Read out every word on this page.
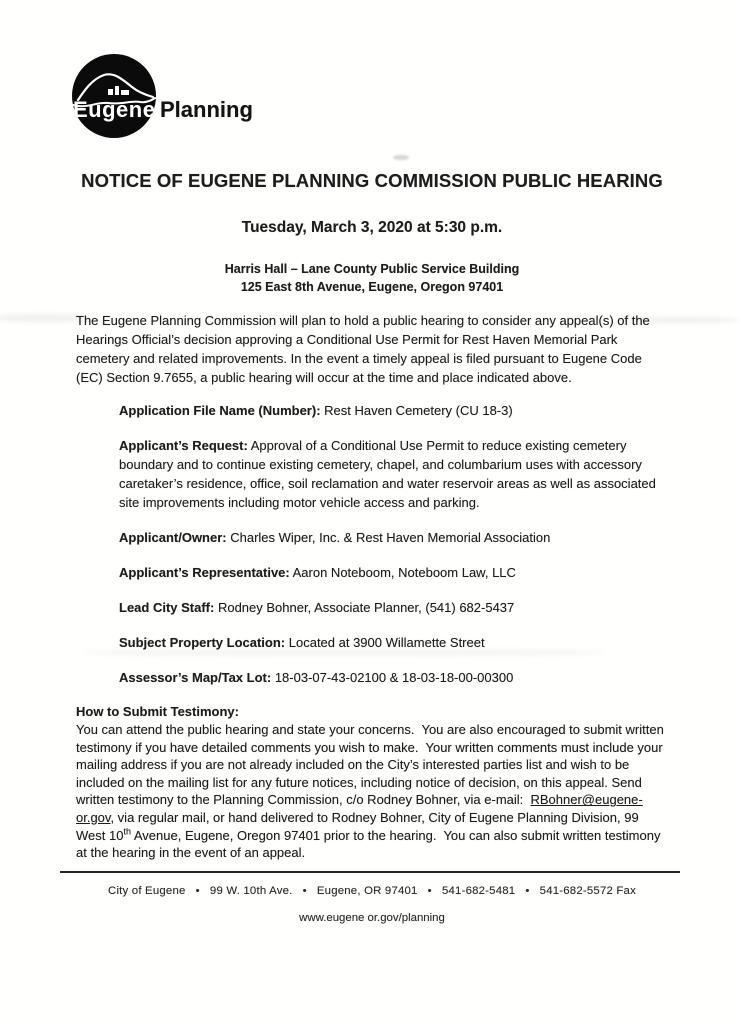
Eugene Planning
NOTICE OF EUGENE PLANNING COMMISSION PUBLIC HEARING

Tuesday, March 3, 2020 at 5:30 p.m.

Harris Hall – Lane County Public Service Building
125 East 8th Avenue, Eugene, Oregon 97401

The Eugene Planning Commission will plan to hold a public hearing to consider any appeal(s) of the Hearings Official’s decision approving a Conditional Use Permit for Rest Haven Memorial Park cemetery and related improvements. In the event a timely appeal is filed pursuant to Eugene Code (EC) Section 9.7655, a public hearing will occur at the time and place indicated above.

Application File Name (Number): Rest Haven Cemetery (CU 18-3)

Applicant’s Request: Approval of a Conditional Use Permit to reduce existing cemetery boundary and to continue existing cemetery, chapel, and columbarium uses with accessory caretaker’s residence, office, soil reclamation and water reservoir areas as well as associated site improvements including motor vehicle access and parking.

Applicant/Owner: Charles Wiper, Inc. & Rest Haven Memorial Association

Applicant’s Representative: Aaron Noteboom, Noteboom Law, LLC

Lead City Staff: Rodney Bohner, Associate Planner, (541) 682-5437

Subject Property Location: Located at 3900 Willamette Street

Assessor’s Map/Tax Lot: 18-03-07-43-02100 & 18-03-18-00-00300

How to Submit Testimony:

You can attend the public hearing and state your concerns.  You are also encouraged to submit written testimony if you have detailed comments you wish to make.  Your written comments must include your mailing address if you are not already included on the City’s interested parties list and wish to be included on the mailing list for any future notices, including notice of decision, on this appeal. Send written testimony to the Planning Commission, c/o Rodney Bohner, via e-mail:  RBohner@eugene-or.gov, via regular mail, or hand delivered to Rodney Bohner, City of Eugene Planning Division, 99 West 10th Avenue, Eugene, Oregon 97401 prior to the hearing.  You can also submit written testimony at the hearing in the event of an appeal.

City of Eugene   •   99 W. 10th Ave.   •   Eugene, OR 97401   •   541-682-5481   •   541-682-5572 Fax

www.eugene or.gov/planning
